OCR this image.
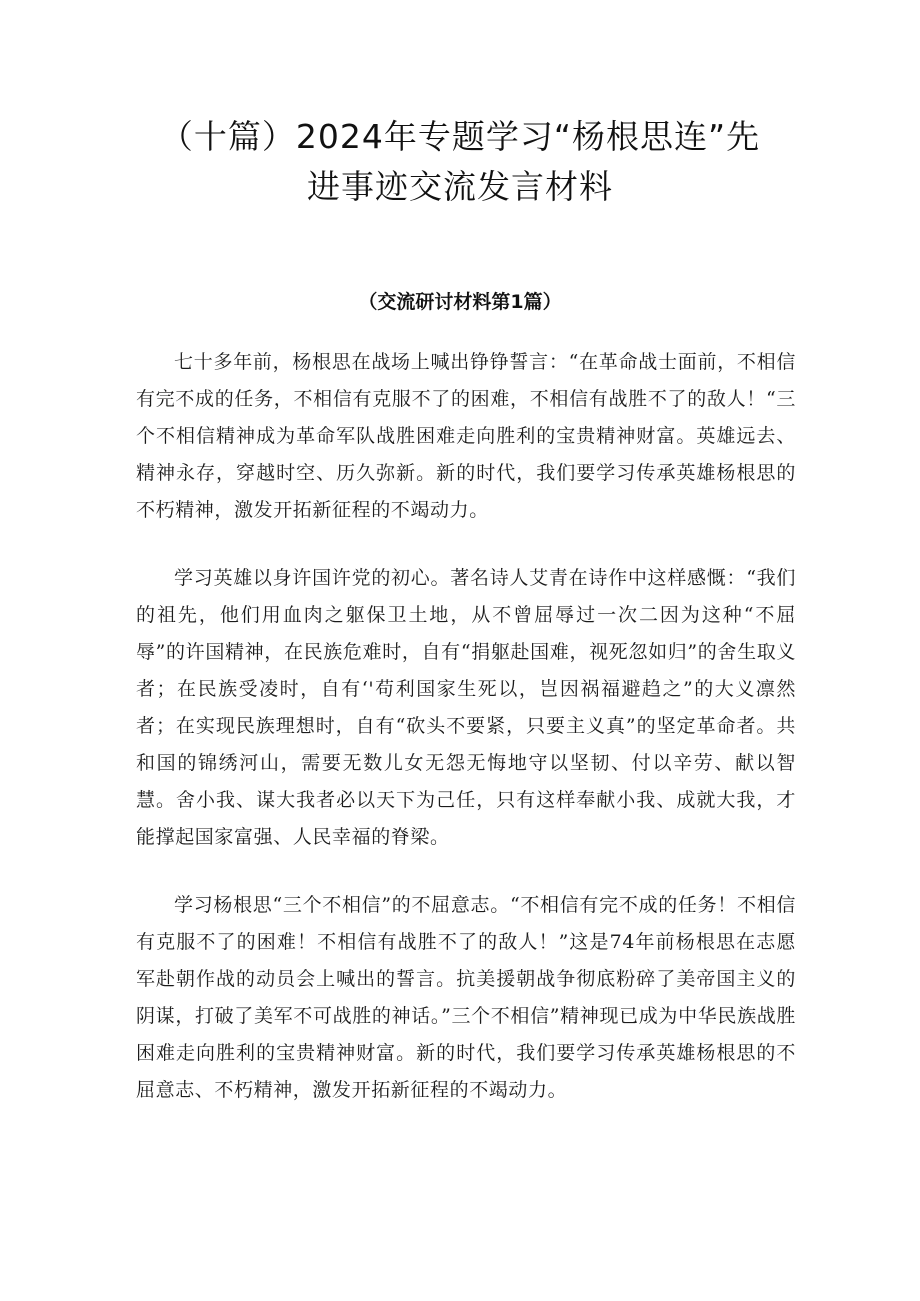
（十篇）2024年专题学习“杨根思连”先
进事迹交流发言材料
（交流研讨材料第1篇）

七十多年前，杨根思在战场上喊出铮铮誓言：“在革命战士面前，不相信有完不成的任务，不相信有克服不了的困难，不相信有战胜不了的敌人！“三个不相信精神成为革命军队战胜困难走向胜利的宝贵精神财富。英雄远去、精神永存，穿越时空、历久弥新。新的时代，我们要学习传承英雄杨根思的不朽精神，激发开拓新征程的不竭动力。

学习英雄以身许国许党的初心。著名诗人艾青在诗作中这样感慨：“我们的祖先，他们用血肉之躯保卫土地，从不曾屈辱过一次二因为这种“不屈辱”的许国精神，在民族危难时，自有“捐躯赴国难，视死忽如归”的舍生取义者；在民族受凌时，自有‘'苟利国家生死以，岂因祸福避趋之”的大义凛然者；在实现民族理想时，自有“砍头不要紧，只要主义真”的坚定革命者。共和国的锦绣河山，需要无数儿女无怨无悔地守以坚韧、付以辛劳、献以智慧。舍小我、谋大我者必以天下为己任，只有这样奉献小我、成就大我，才能撑起国家富强、人民幸福的脊梁。

学习杨根思“三个不相信”的不屈意志。“不相信有完不成的任务！不相信有克服不了的困难！不相信有战胜不了的敌人！”这是74年前杨根思在志愿军赴朝作战的动员会上喊出的誓言。抗美援朝战争彻底粉碎了美帝国主义的阴谋，打破了美军不可战胜的神话。”三个不相信”精神现已成为中华民族战胜困难走向胜利的宝贵精神财富。新的时代，我们要学习传承英雄杨根思的不屈意志、不朽精神，激发开拓新征程的不竭动力。
